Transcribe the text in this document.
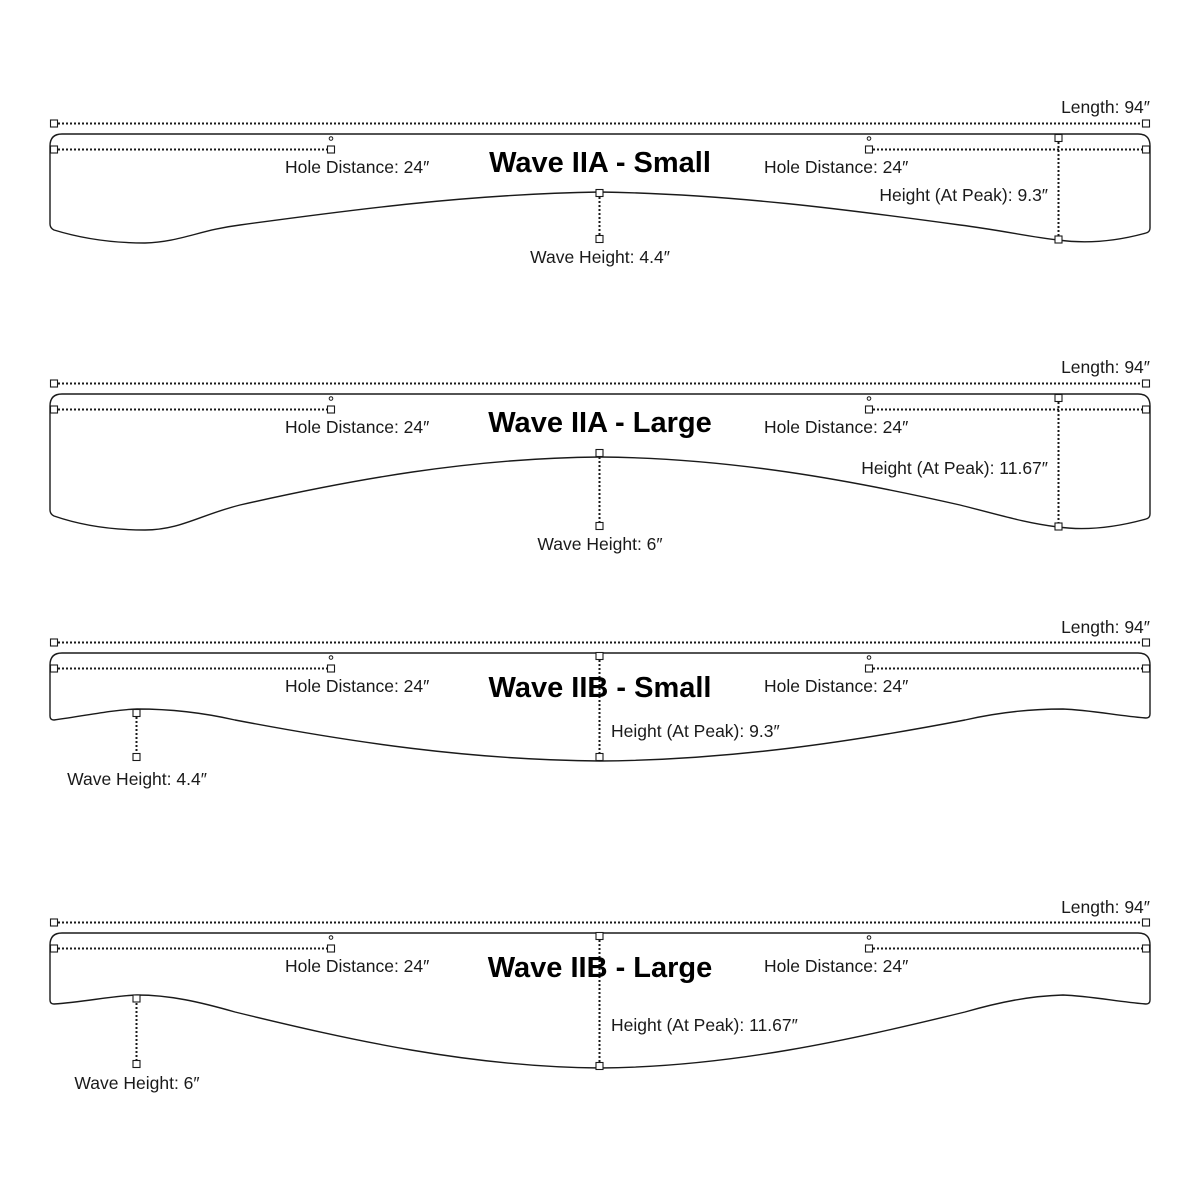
Length: 94″
Hole Distance: 24″	Hole Distance: 24″
Wave IIA - Small
Height (At Peak): 9.3″
Wave Height: 4.4″
Length: 94″
Hole Distance: 24″	Hole Distance: 24″
Wave IIA - Large
Height (At Peak): 11.67″
Wave Height: 6″
Length: 94″
Hole Distance: 24″	Hole Distance: 24″
Wave IIB - Small
Height (At Peak): 9.3″
Wave Height: 4.4″
Length: 94″
Hole Distance: 24″	Hole Distance: 24″
Wave IIB - Large
Height (At Peak): 11.67″
Wave Height: 6″
